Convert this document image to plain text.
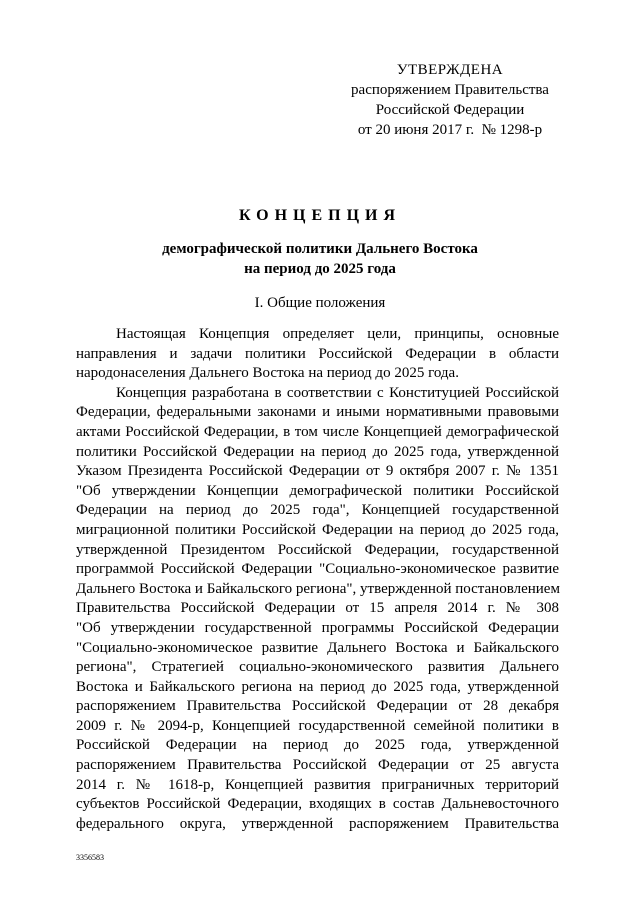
УТВЕРЖДЕНА
распоряжением Правительства
Российской Федерации
от 20 июня 2017 г.  № 1298-р
КОНЦЕПЦИЯ
демографической политики Дальнего Востока
на период до 2025 года
I. Общие положения
Настоящая Концепция определяет цели, принципы, основные
направления и задачи политики Российской Федерации в области
народонаселения Дальнего Востока на период до 2025 года.
Концепция разработана в соответствии с Конституцией Российской
Федерации, федеральными законами и иными нормативными правовыми
актами Российской Федерации, в том числе Концепцией демографической
политики Российской Федерации на период до 2025 года, утвержденной
Указом Президента Российской Федерации от 9 октября 2007 г. № 1351
"Об утверждении Концепции демографической политики Российской
Федерации на период до 2025 года", Концепцией государственной
миграционной политики Российской Федерации на период до 2025 года,
утвержденной Президентом Российской Федерации, государственной
программой Российской Федерации "Социально-экономическое развитие
Дальнего Востока и Байкальского региона", утвержденной постановлением
Правительства Российской Федерации от 15 апреля 2014 г. № 308
"Об утверждении государственной программы Российской Федерации
"Социально-экономическое развитие Дальнего Востока и Байкальского
региона", Стратегией социально-экономического развития Дальнего
Востока и Байкальского региона на период до 2025 года, утвержденной
распоряжением Правительства Российской Федерации от 28 декабря
2009 г. № 2094-р, Концепцией государственной семейной политики в
Российской Федерации на период до 2025 года, утвержденной
распоряжением Правительства Российской Федерации от 25 августа
2014 г. № 1618-р, Концепцией развития приграничных территорий
субъектов Российской Федерации, входящих в состав Дальневосточного
федерального округа, утвержденной распоряжением Правительства
3356583
